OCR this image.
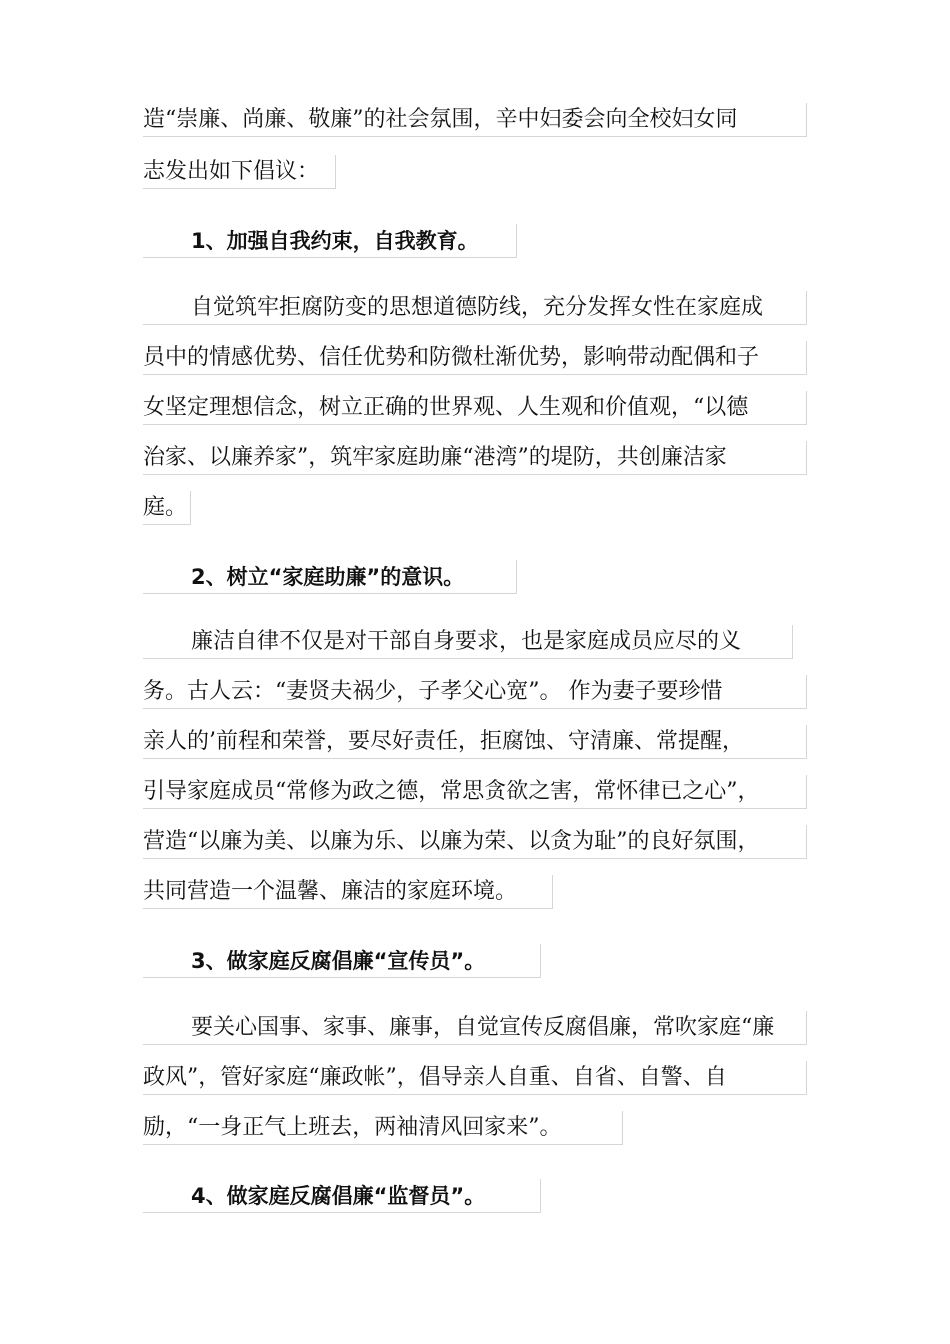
造“崇廉、尚廉、敬廉”的社会氛围，辛中妇委会向全校妇女同
志发出如下倡议：
1、加强自我约束，自我教育。
自觉筑牢拒腐防变的思想道德防线，充分发挥女性在家庭成
员中的情感优势、信任优势和防微杜渐优势，影响带动配偶和子
女坚定理想信念，树立正确的世界观、人生观和价值观，“以德
治家、以廉养家”，筑牢家庭助廉“港湾”的堤防，共创廉洁家
庭。
2、树立“家庭助廉”的意识。
廉洁自律不仅是对干部自身要求，也是家庭成员应尽的义
务。古人云：“妻贤夫祸少，子孝父心宽”。 作为妻子要珍惜
亲人的’前程和荣誉，要尽好责任，拒腐蚀、守清廉、常提醒，
引导家庭成员“常修为政之德，常思贪欲之害，常怀律已之心”，
营造“以廉为美、以廉为乐、以廉为荣、以贪为耻”的良好氛围，
共同营造一个温馨、廉洁的家庭环境。
3、做家庭反腐倡廉“宣传员”。
要关心国事、家事、廉事，自觉宣传反腐倡廉，常吹家庭“廉
政风”，管好家庭“廉政帐”，倡导亲人自重、自省、自警、自
励，“一身正气上班去，两袖清风回家来”。
4、做家庭反腐倡廉“监督员”。
